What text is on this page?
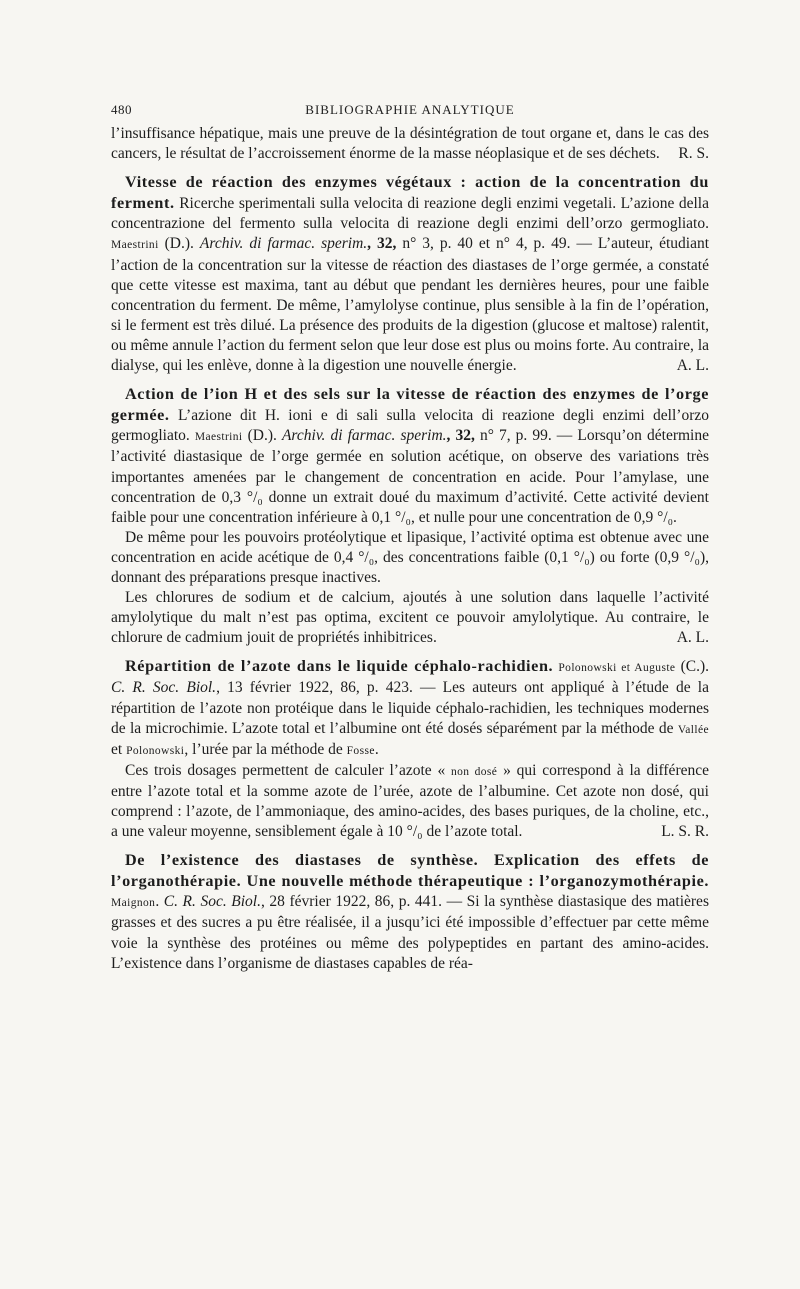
480	BIBLIOGRAPHIE ANALYTIQUE

l’insuffisance hépatique, mais une preuve de la désintégration de tout organe et, dans le cas des cancers, le résultat de l’accroissement énorme de la masse néoplasique et de ses déchets. R. S.

Vitesse de réaction des enzymes végétaux : action de la concentration du ferment. Ricerche sperimentali sulla velocita di reazione degli enzimi vegetali. L’azione della concentrazione del fermento sulla velocita di reazione degli enzimi dell’orzo germogliato. Maestrini (D.). Archiv. di farmac. sperim., 32, n° 3, p. 40 et n° 4, p. 49. — L’auteur, étudiant l’action de la concentration sur la vitesse de réaction des diastases de l’orge germée, a constaté que cette vitesse est maxima, tant au début que pendant les dernières heures, pour une faible concentration du ferment. De même, l’amylolyse continue, plus sensible à la fin de l’opération, si le ferment est très dilué. La présence des produits de la digestion (glucose et maltose) ralentit, ou même annule l’action du ferment selon que leur dose est plus ou moins forte. Au contraire, la dialyse, qui les enlève, donne à la digestion une nouvelle énergie.	A. L.

Action de l’ion H et des sels sur la vitesse de réaction des enzymes de l’orge germée. L’azione dit H. ioni e di sali sulla velocita di reazione degli enzimi dell’orzo germogliato. Maestrini (D.). Archiv. di farmac. sperim., 32, n° 7, p. 99. — Lorsqu’on détermine l’activité diastasique de l’orge germée en solution acétique, on observe des variations très importantes amenées par le changement de concentration en acide. Pour l’amylase, une concentration de 0,3 °/₀ donne un extrait doué du maximum d’activité. Cette activité devient faible pour une concentration inférieure à 0,1 °/₀, et nulle pour une concentration de 0,9 °/₀.

De même pour les pouvoirs protéolytique et lipasique, l’activité optima est obtenue avec une concentration en acide acétique de 0,4 °/₀, des concentrations faible (0,1 °/₀) ou forte (0,9 °/₀), donnant des préparations presque inactives.

Les chlorures de sodium et de calcium, ajoutés à une solution dans laquelle l’activité amylolytique du malt n’est pas optima, excitent ce pouvoir amylolytique. Au contraire, le chlorure de cadmium jouit de propriétés inhibitrices.	A. L.

Répartition de l’azote dans le liquide céphalo-rachidien. Polonowski et Auguste (C.). C. R. Soc. Biol., 13 février 1922, 86, p. 423. — Les auteurs ont appliqué à l’étude de la répartition de l’azote non protéique dans le liquide céphalo-rachidien, les techniques modernes de la microchimie. L’azote total et l’albumine ont été dosés séparément par la méthode de Vallée et Polonowski, l’urée par la méthode de Fosse.

Ces trois dosages permettent de calculer l’azote « non dosé » qui correspond à la différence entre l’azote total et la somme azote de l’urée, azote de l’albumine. Cet azote non dosé, qui comprend : l’azote, de l’ammoniaque, des amino-acides, des bases puriques, de la choline, etc., a une valeur moyenne, sensiblement égale à 10 °/₀ de l’azote total.	L. S. R.

De l’existence des diastases de synthèse. Explication des effets de l’organothérapie. Une nouvelle méthode thérapeutique : l’organozymothérapie. Maignon. C. R. Soc. Biol., 28 février 1922, 86, p. 441. — Si la synthèse diastasique des matières grasses et des sucres a pu être réalisée, il a jusqu’ici été impossible d’effectuer par cette même voie la synthèse des protéines ou même des polypeptides en partant des amino-acides. L’existence dans l’organisme de diastases capables de réa-
